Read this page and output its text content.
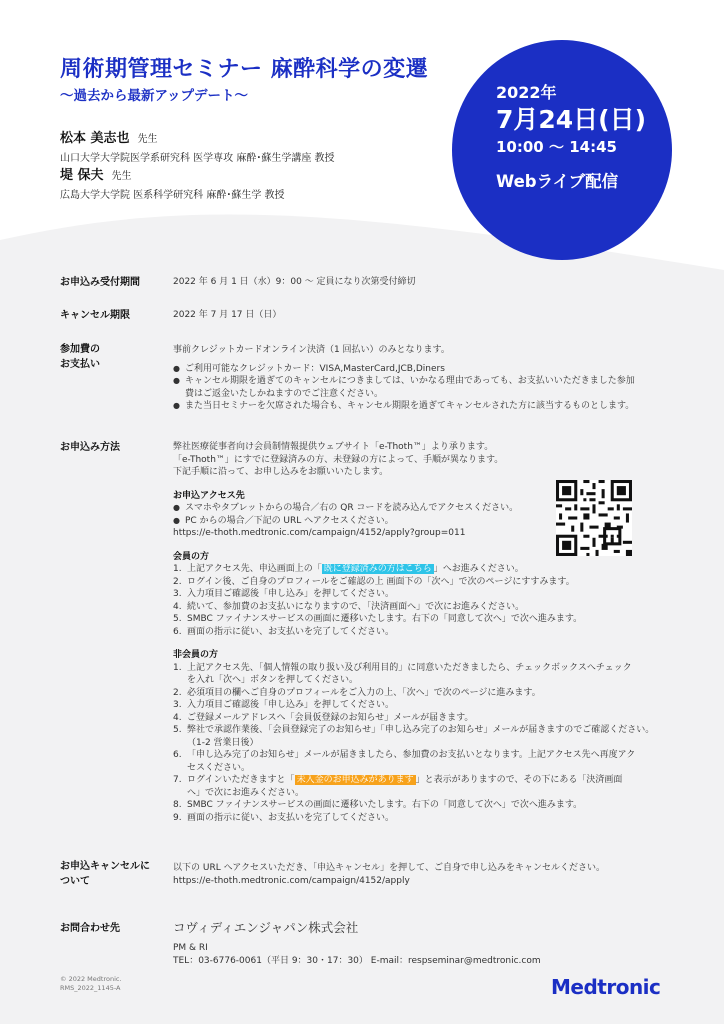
周術期管理セミナー 麻酔科学の変遷
〜過去から最新アップデート〜
松本 美志也 先生
山口大学大学院医学系研究科 医学専攻 麻酔･蘇生学講座 教授
堤 保夫 先生
広島大学大学院 医系科学研究科 麻酔･蘇生学 教授
2022年
7月24日(日)
10:00 〜 14:45
Webライブ配信
お申込み受付期間	2022 年 6 月 1 日（水）9：00 〜 定員になり次第受付締切
キャンセル期限	2022 年 7 月 17 日（日）
参加費の
お支払い

事前クレジットカードオンライン決済（1 回払い）のみとなります。

● ご利用可能なクレジットカード：VISA,MasterCard,JCB,Diners

● キャンセル期限を過ぎてのキャンセルにつきましては、いかなる理由であっても、お支払いいただきました参加

費はご返金いたしかねますのでご注意ください。

● また当日セミナーを欠席された場合も、キャンセル期限を過ぎてキャンセルされた方に該当するものとします。

お申込み方法	弊社医療従事者向け会員制情報提供ウェブサイト「e-Thoth™」より承ります。

「e-Thoth™」にすでに登録済みの方、未登録の方によって、手順が異なります。

下記手順に沿って、お申し込みをお願いいたします。

お申込アクセス先

● スマホやタブレットからの場合／右の QR コードを読み込んでアクセスください。

● PC からの場合／下記の URL へアクセスください。

https://e-thoth.medtronic.com/campaign/4152/apply?group=011

会員の方

1. 上記アクセス先、申込画面上の「 既に登録済みの方はこちら 」へお進みください。

2. ログイン後、ご自身のプロフィールをご確認の上 画面下の「次へ」で次のページにすすみます。

3. 入力項目ご確認後「申し込み」を押してください。

4. 続いて、参加費のお支払いになりますので、「決済画面へ」で次にお進みください。

5. SMBC ファイナンスサービスの画面に遷移いたします。右下の「同意して次へ」で次へ進みます。

6. 画面の指示に従い、お支払いを完了してください。

非会員の方

1. 上記アクセス先、「個人情報の取り扱い及び利用目的」に同意いただきましたら、チェックボックスへチェック

を入れ「次へ」ボタンを押してください。

2. 必須項目の欄へご自身のプロフィールをご入力の上、「次へ」で次のページに進みます。

3. 入力項目ご確認後「申し込み」を押してください。

4. ご登録メールアドレスへ「会員仮登録のお知らせ」メールが届きます。

5. 弊社で承認作業後、「会員登録完了のお知らせ」「申し込み完了のお知らせ」メールが届きますのでご確認ください。

（1-2 営業日後）

6. 「申し込み完了のお知らせ」メールが届きましたら、参加費のお支払いとなります。上記アクセス先へ再度アク

セスください。

7. ログインいただきますと「 未入金のお申込みがあります 」と表示がありますので、その下にある「決済画面

へ」で次にお進みください。

8. SMBC ファイナンスサービスの画面に遷移いたします。右下の「同意して次へ」で次へ進みます。

9. 画面の指示に従い、お支払いを完了してください。

お申込キャンセルに
ついて

以下の URL へアクセスいただき、「申込キャンセル」を押して、ご自身で申し込みをキャンセルください。

https://e-thoth.medtronic.com/campaign/4152/apply

お問合わせ先	コヴィディエンジャパン株式会社

PM & RI

TEL：03-6776-0061（平日 9：30・17：30） E-mail：respseminar@medtronic.com

© 2022 Medtronic.
RMS_2022_1145-A	Medtronic
